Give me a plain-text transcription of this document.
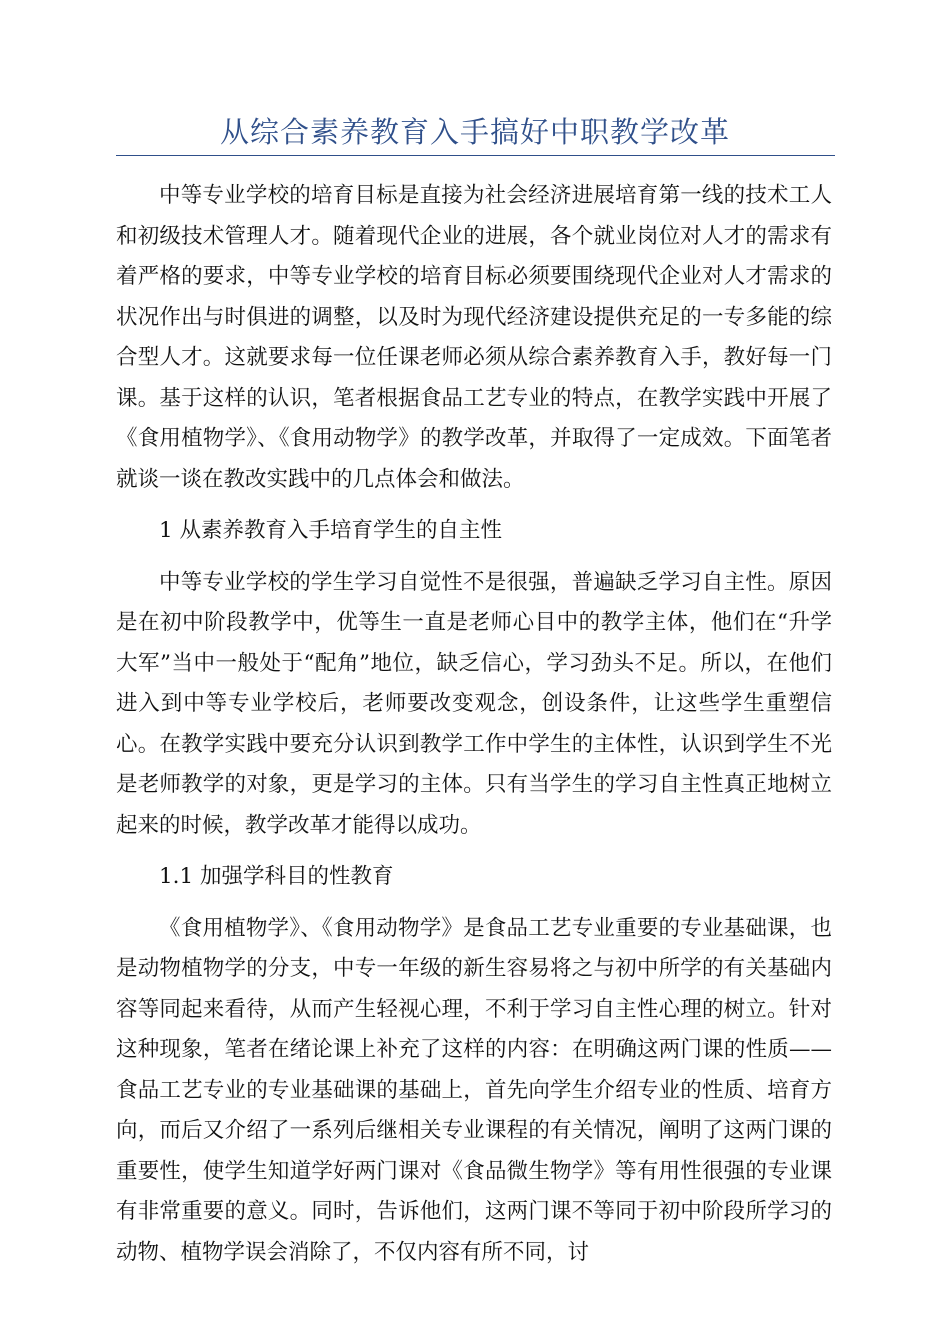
从综合素养教育入手搞好中职教学改革

中等专业学校的培育目标是直接为社会经济进展培育第一线的技术工人和初级技术管理人才。随着现代企业的进展，各个就业岗位对人才的需求有着严格的要求，中等专业学校的培育目标必须要围绕现代企业对人才需求的状况作出与时俱进的调整，以及时为现代经济建设提供充足的一专多能的综合型人才。这就要求每一位任课老师必须从综合素养教育入手，教好每一门课。基于这样的认识，笔者根据食品工艺专业的特点，在教学实践中开展了《食用植物学》、《食用动物学》的教学改革，并取得了一定成效。下面笔者就谈一谈在教改实践中的几点体会和做法。

1 从素养教育入手培育学生的自主性

中等专业学校的学生学习自觉性不是很强，普遍缺乏学习自主性。原因是在初中阶段教学中，优等生一直是老师心目中的教学主体，他们在“升学大军”当中一般处于“配角”地位，缺乏信心，学习劲头不足。所以，在他们进入到中等专业学校后，老师要改变观念，创设条件，让这些学生重塑信心。在教学实践中要充分认识到教学工作中学生的主体性，认识到学生不光是老师教学的对象，更是学习的主体。只有当学生的学习自主性真正地树立起来的时候，教学改革才能得以成功。

1.1 加强学科目的性教育

《食用植物学》、《食用动物学》是食品工艺专业重要的专业基础课，也是动物植物学的分支，中专一年级的新生容易将之与初中所学的有关基础内容等同起来看待，从而产生轻视心理，不利于学习自主性心理的树立。针对这种现象，笔者在绪论课上补充了这样的内容：在明确这两门课的性质——食品工艺专业的专业基础课的基础上，首先向学生介绍专业的性质、培育方向，而后又介绍了一系列后继相关专业课程的有关情况，阐明了这两门课的重要性，使学生知道学好两门课对《食品微生物学》等有用性很强的专业课有非常重要的意义。同时，告诉他们，这两门课不等同于初中阶段所学习的动物、植物学误会消除了，不仅内容有所不同，讨
